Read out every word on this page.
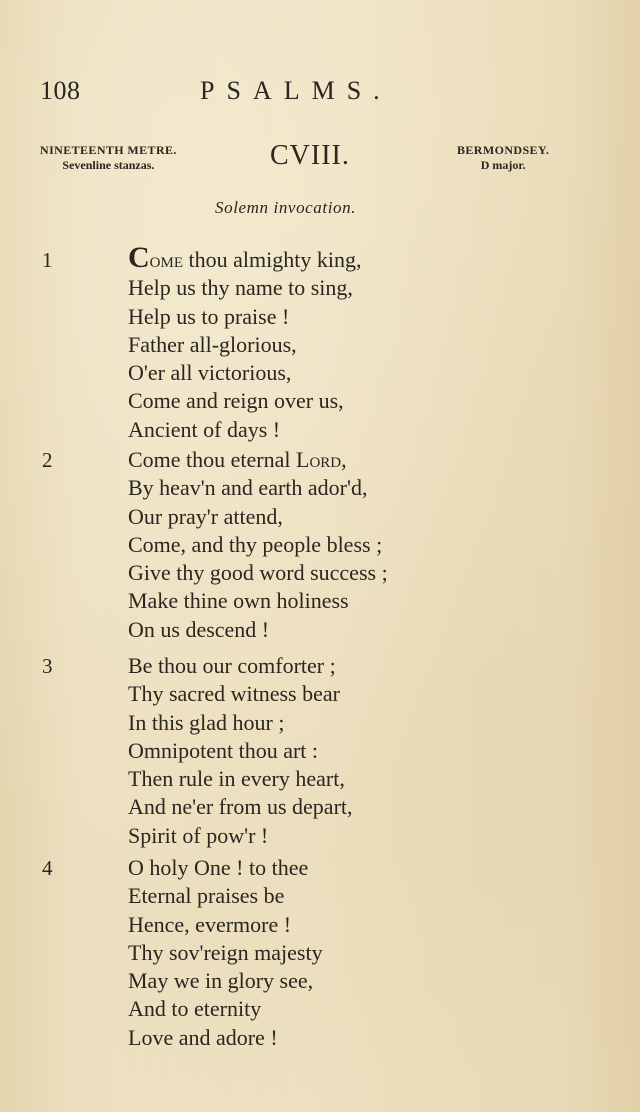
108	PSALMS.
NINETEENTH METRE.
Sevenline stanzas.	CVIII.	BERMONDSEY.
D major.
Solemn invocation.
1	Come thou almighty king,
Help us thy name to sing,
Help us to praise !
Father all-glorious,
O'er all victorious,
Come and reign over us,
Ancient of days !
2	Come thou eternal Lord,
By heav'n and earth ador'd,
Our pray'r attend,
Come, and thy people bless ;
Give thy good word success ;
Make thine own holiness
On us descend !
3	Be thou our comforter ;
Thy sacred witness bear
In this glad hour ;
Omnipotent thou art :
Then rule in every heart,
And ne'er from us depart,
Spirit of pow'r !
4	O holy One ! to thee
Eternal praises be
Hence, evermore !
Thy sov'reign majesty
May we in glory see,
And to eternity
Love and adore !
